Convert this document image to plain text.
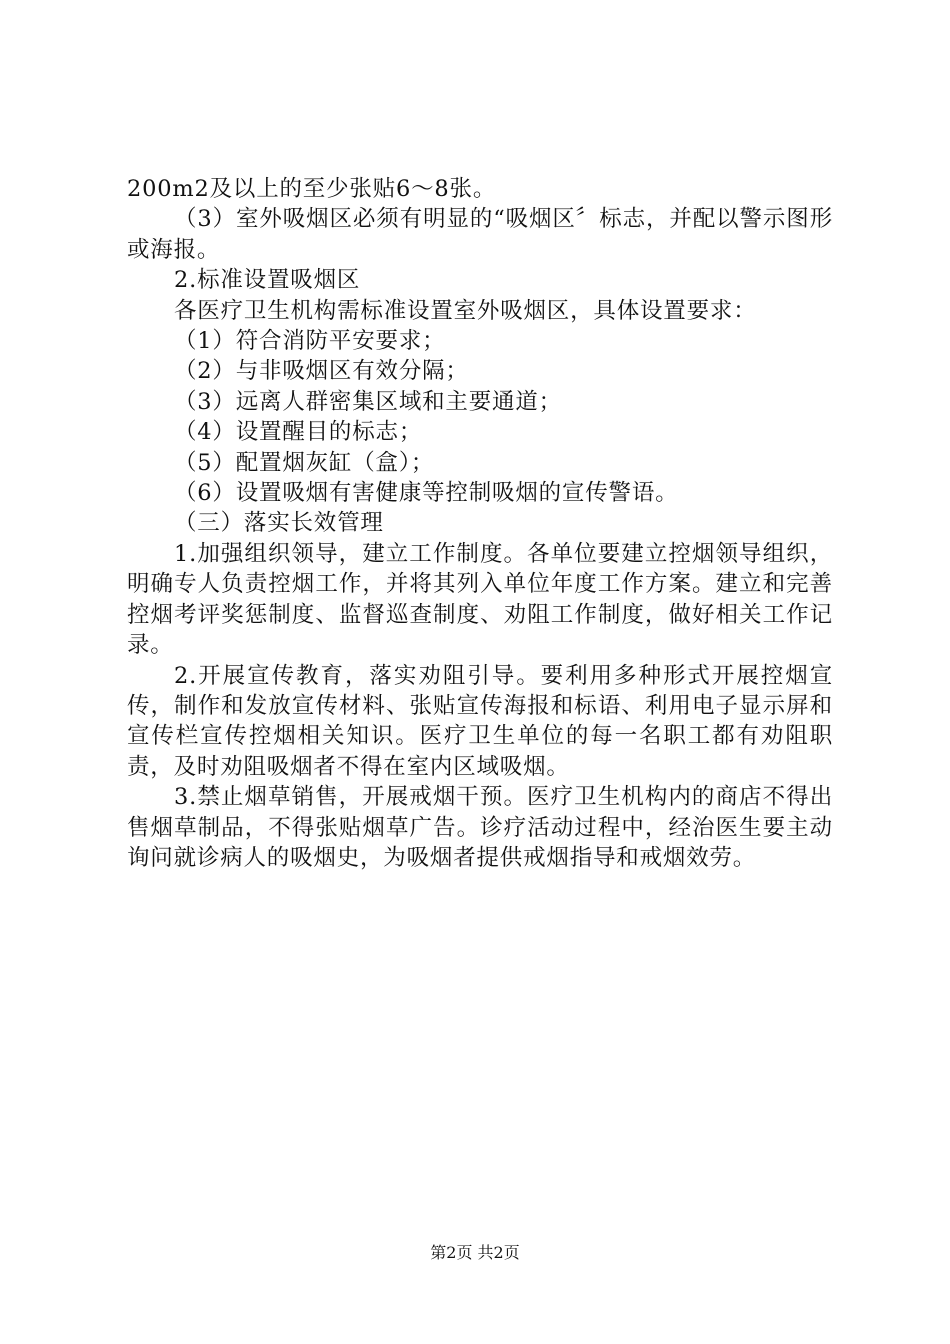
200m2及以上的至少张贴6～8张。

（3）室外吸烟区必须有明显的“吸烟区〞标志，并配以警示图形或海报。

2.标准设置吸烟区

各医疗卫生机构需标准设置室外吸烟区，具体设置要求：

（1）符合消防平安要求；

（2）与非吸烟区有效分隔；

（3）远离人群密集区域和主要通道；

（4）设置醒目的标志；

（5）配置烟灰缸（盒）；

（6）设置吸烟有害健康等控制吸烟的宣传警语。

（三）落实长效管理

1.加强组织领导，建立工作制度。各单位要建立控烟领导组织，明确专人负责控烟工作，并将其列入单位年度工作方案。建立和完善控烟考评奖惩制度、监督巡查制度、劝阻工作制度，做好相关工作记录。

2.开展宣传教育，落实劝阻引导。要利用多种形式开展控烟宣传，制作和发放宣传材料、张贴宣传海报和标语、利用电子显示屏和宣传栏宣传控烟相关知识。医疗卫生单位的每一名职工都有劝阻职责，及时劝阻吸烟者不得在室内区域吸烟。

3.禁止烟草销售，开展戒烟干预。医疗卫生机构内的商店不得出售烟草制品，不得张贴烟草广告。诊疗活动过程中，经治医生要主动询问就诊病人的吸烟史，为吸烟者提供戒烟指导和戒烟效劳。

第2页 共2页
